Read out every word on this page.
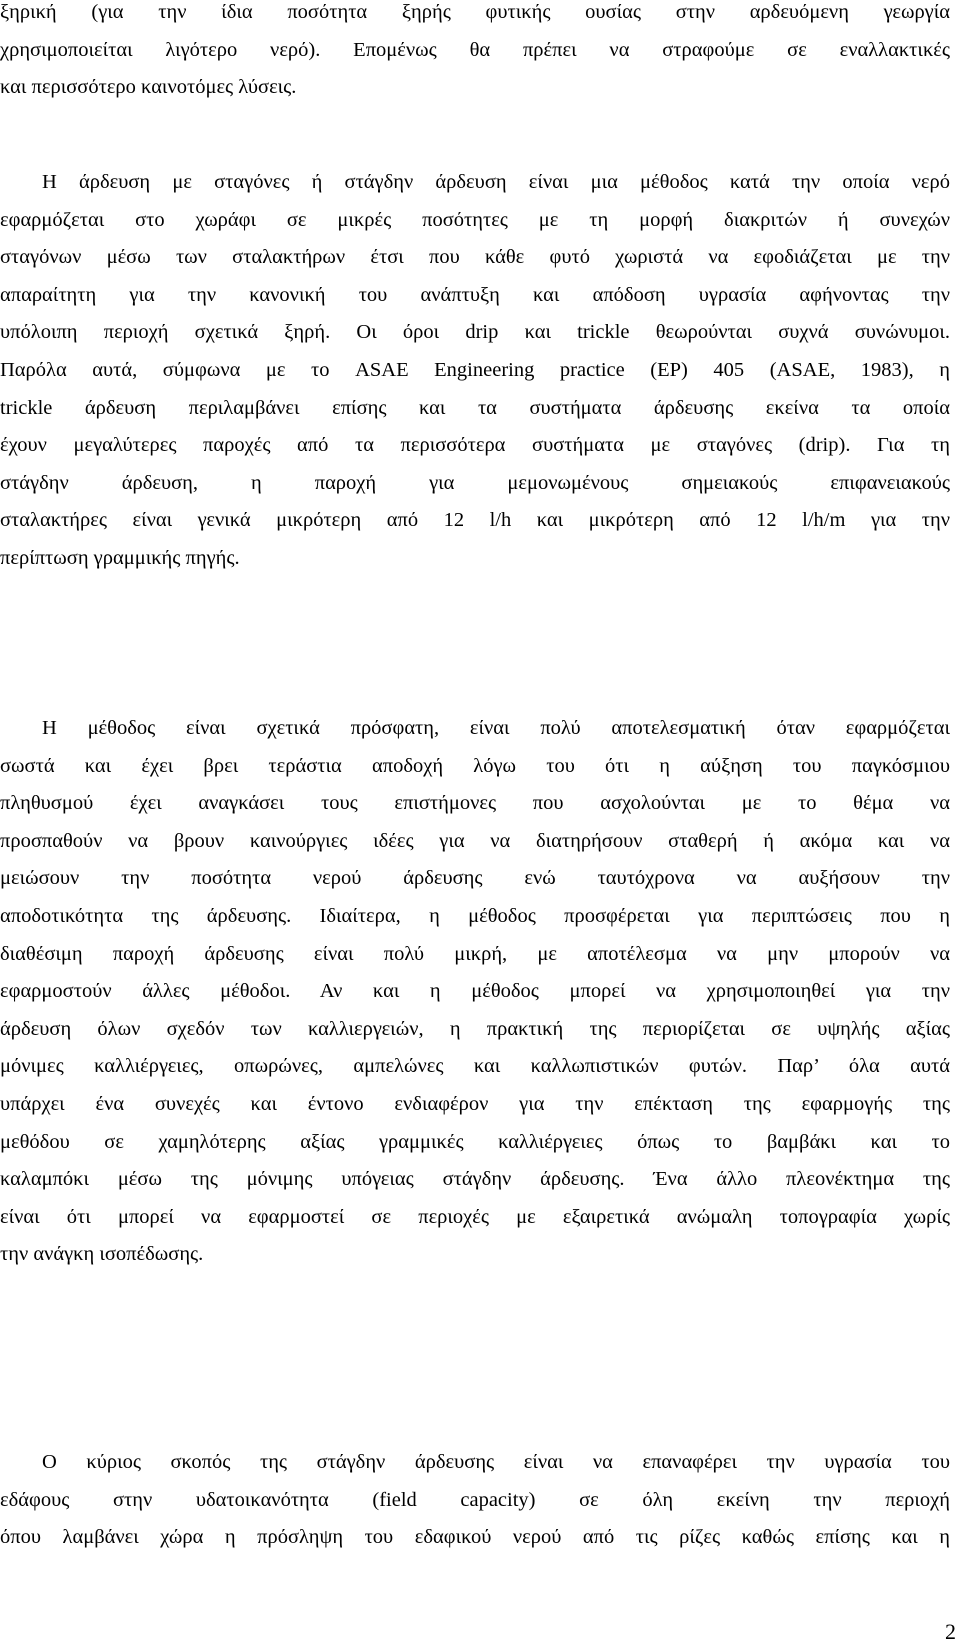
ξηρική (για την ίδια ποσότητα ξηρής φυτικής ουσίας στην αρδευόμενη γεωργία
χρησιμοποιείται λιγότερο νερό). Επομένως θα πρέπει να στραφούμε σε εναλλακτικές
και περισσότερο καινοτόμες λύσεις.
Η άρδευση με σταγόνες ή στάγδην άρδευση είναι μια μέθοδος κατά την οποία νερό
εφαρμόζεται στο χωράφι σε μικρές ποσότητες με τη μορφή διακριτών ή συνεχών
σταγόνων μέσω των σταλακτήρων έτσι που κάθε φυτό χωριστά να εφοδιάζεται με την
απαραίτητη για την κανονική του ανάπτυξη και απόδοση υγρασία αφήνοντας την
υπόλοιπη περιοχή σχετικά ξηρή. Οι όροι drip και trickle θεωρούνται συχνά συνώνυμοι.
Παρόλα αυτά, σύμφωνα με το ASAE Engineering practice (EP) 405 (ASAE, 1983), η
trickle άρδευση περιλαμβάνει επίσης και τα συστήματα άρδευσης εκείνα τα οποία
έχουν μεγαλύτερες παροχές από τα περισσότερα συστήματα με σταγόνες (drip). Για τη
στάγδην άρδευση, η παροχή για μεμονωμένους σημειακούς επιφανειακούς
σταλακτήρες είναι γενικά μικρότερη από 12 l/h και μικρότερη από 12 l/h/m για την
περίπτωση γραμμικής πηγής.
Η μέθοδος είναι σχετικά πρόσφατη, είναι πολύ αποτελεσματική όταν εφαρμόζεται
σωστά και έχει βρει τεράστια αποδοχή λόγω του ότι η αύξηση του παγκόσμιου
πληθυσμού έχει αναγκάσει τους επιστήμονες που ασχολούνται με το θέμα να
προσπαθούν να βρουν καινούργιες ιδέες για να διατηρήσουν σταθερή ή ακόμα και να
μειώσουν την ποσότητα νερού άρδευσης ενώ ταυτόχρονα να αυξήσουν την
αποδοτικότητα της άρδευσης. Ιδιαίτερα, η μέθοδος προσφέρεται για περιπτώσεις που η
διαθέσιμη παροχή άρδευσης είναι πολύ μικρή, με αποτέλεσμα να μην μπορούν να
εφαρμοστούν άλλες μέθοδοι. Αν και η μέθοδος μπορεί να χρησιμοποιηθεί για την
άρδευση όλων σχεδόν των καλλιεργειών, η πρακτική της περιορίζεται σε υψηλής αξίας
μόνιμες καλλιέργειες, οπωρώνες, αμπελώνες και καλλωπιστικών φυτών. Παρ’ όλα αυτά
υπάρχει ένα συνεχές και έντονο ενδιαφέρον για την επέκταση της εφαρμογής της
μεθόδου σε χαμηλότερης αξίας γραμμικές καλλιέργειες όπως το βαμβάκι και το
καλαμπόκι μέσω της μόνιμης υπόγειας στάγδην άρδευσης. Ένα άλλο πλεονέκτημα της
είναι ότι μπορεί να εφαρμοστεί σε περιοχές με εξαιρετικά ανώμαλη τοπογραφία χωρίς
την ανάγκη ισοπέδωσης.
Ο κύριος σκοπός της στάγδην άρδευσης είναι να επαναφέρει την υγρασία του
εδάφους στην υδατοικανότητα (field capacity) σε όλη εκείνη την περιοχή
όπου λαμβάνει χώρα η πρόσληψη του εδαφικού νερού από τις ρίζες καθώς επίσης και η
2
